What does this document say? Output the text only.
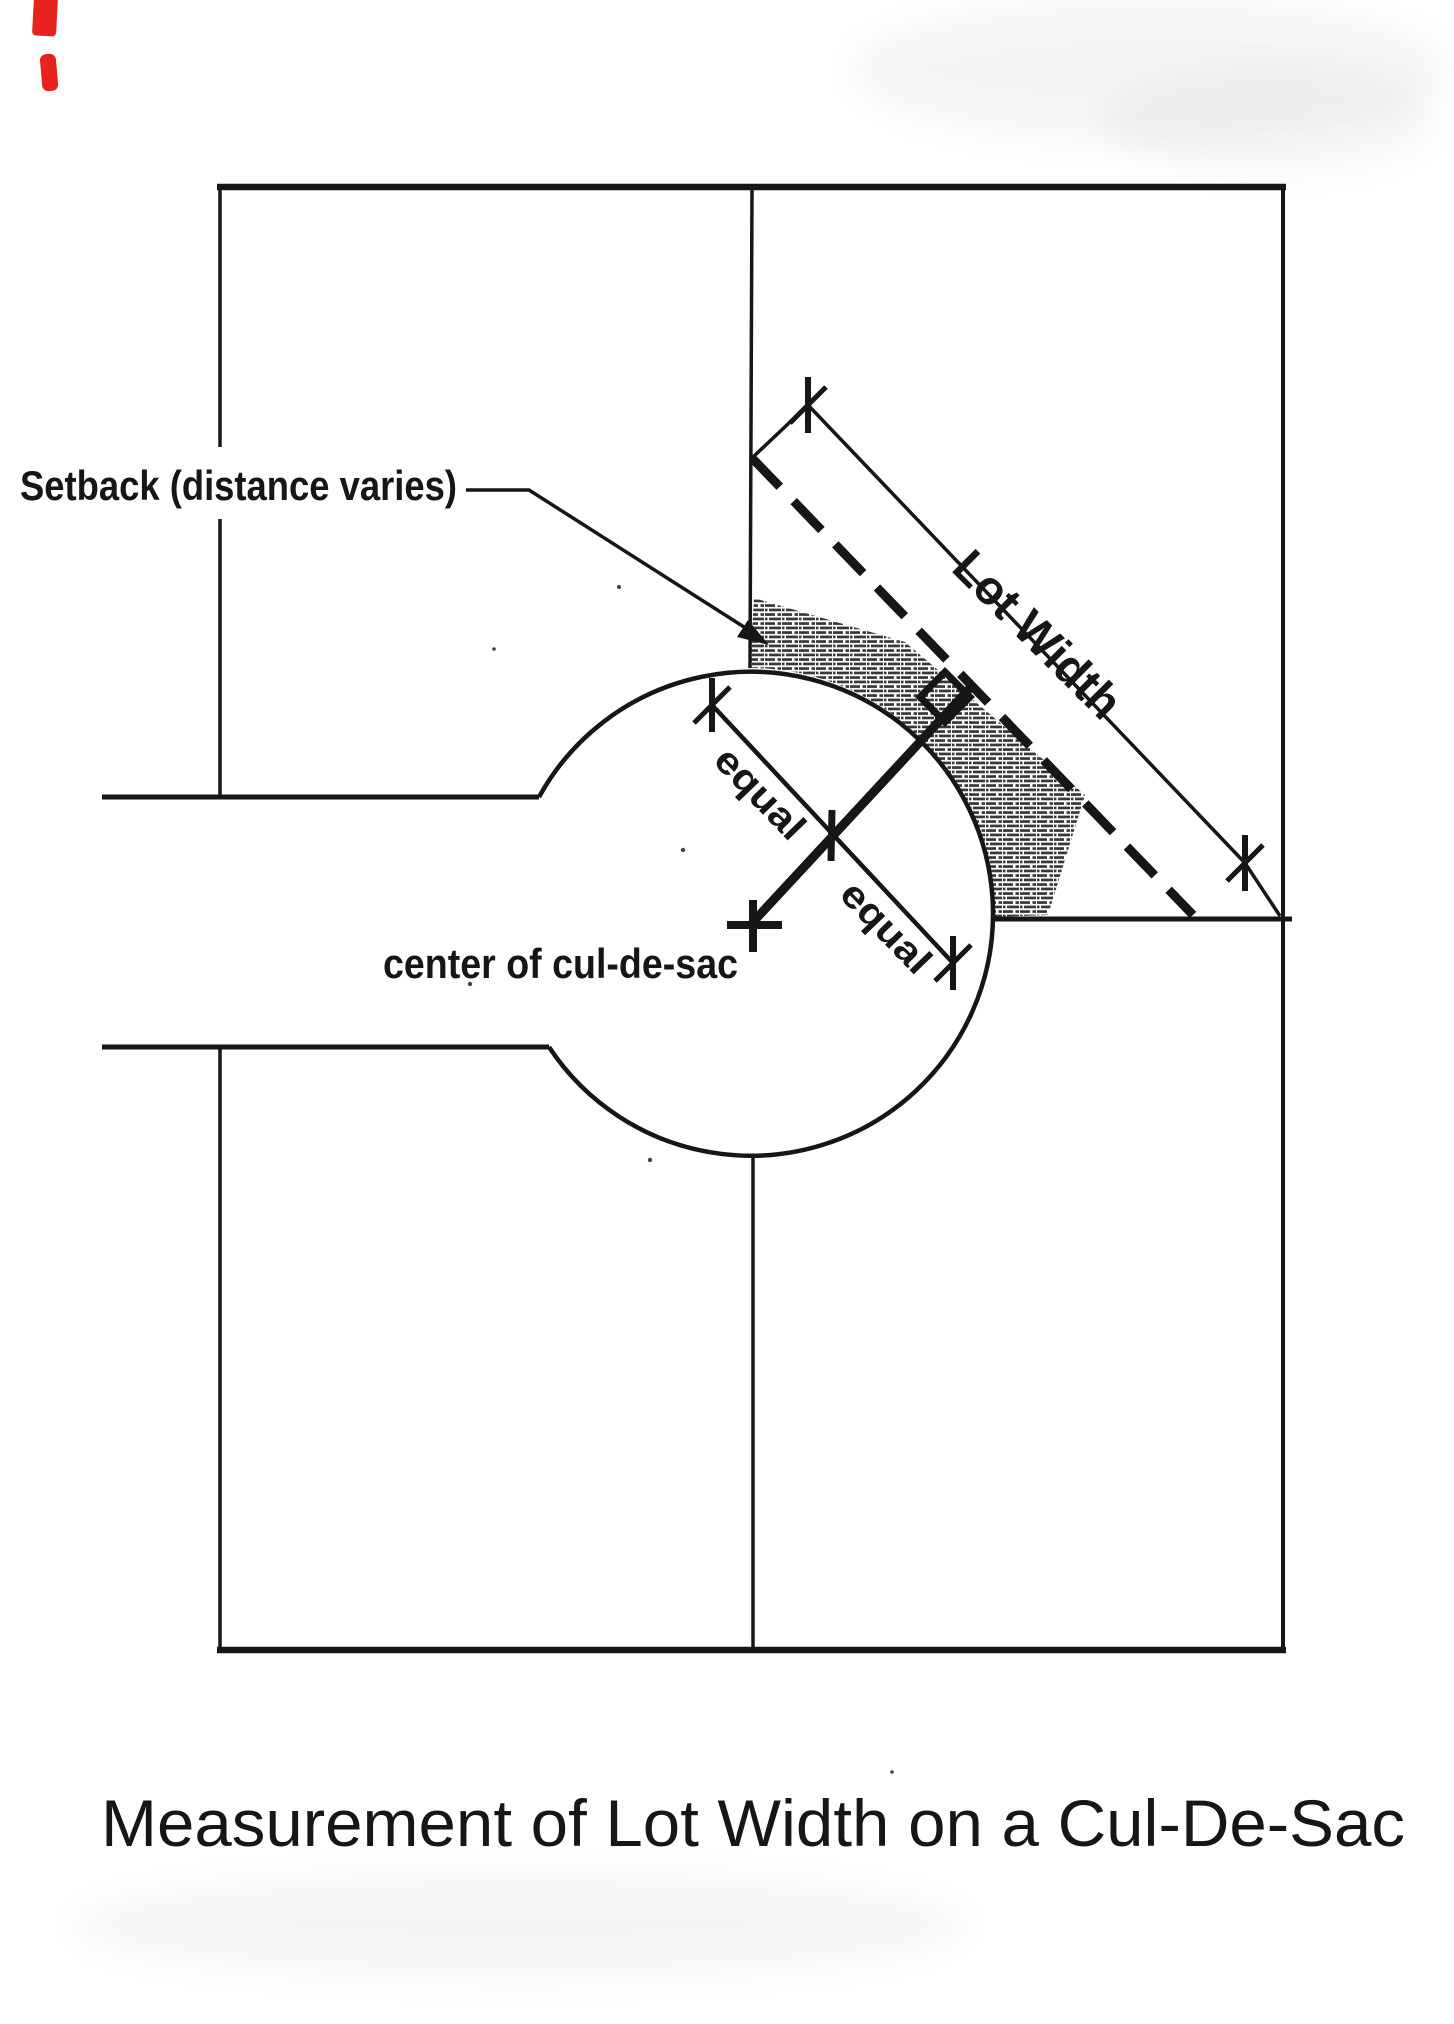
Setback (distance varies)
Lot Width
equal
equal
center of cul-de-sac
Measurement of Lot Width on a Cul-De-Sac
